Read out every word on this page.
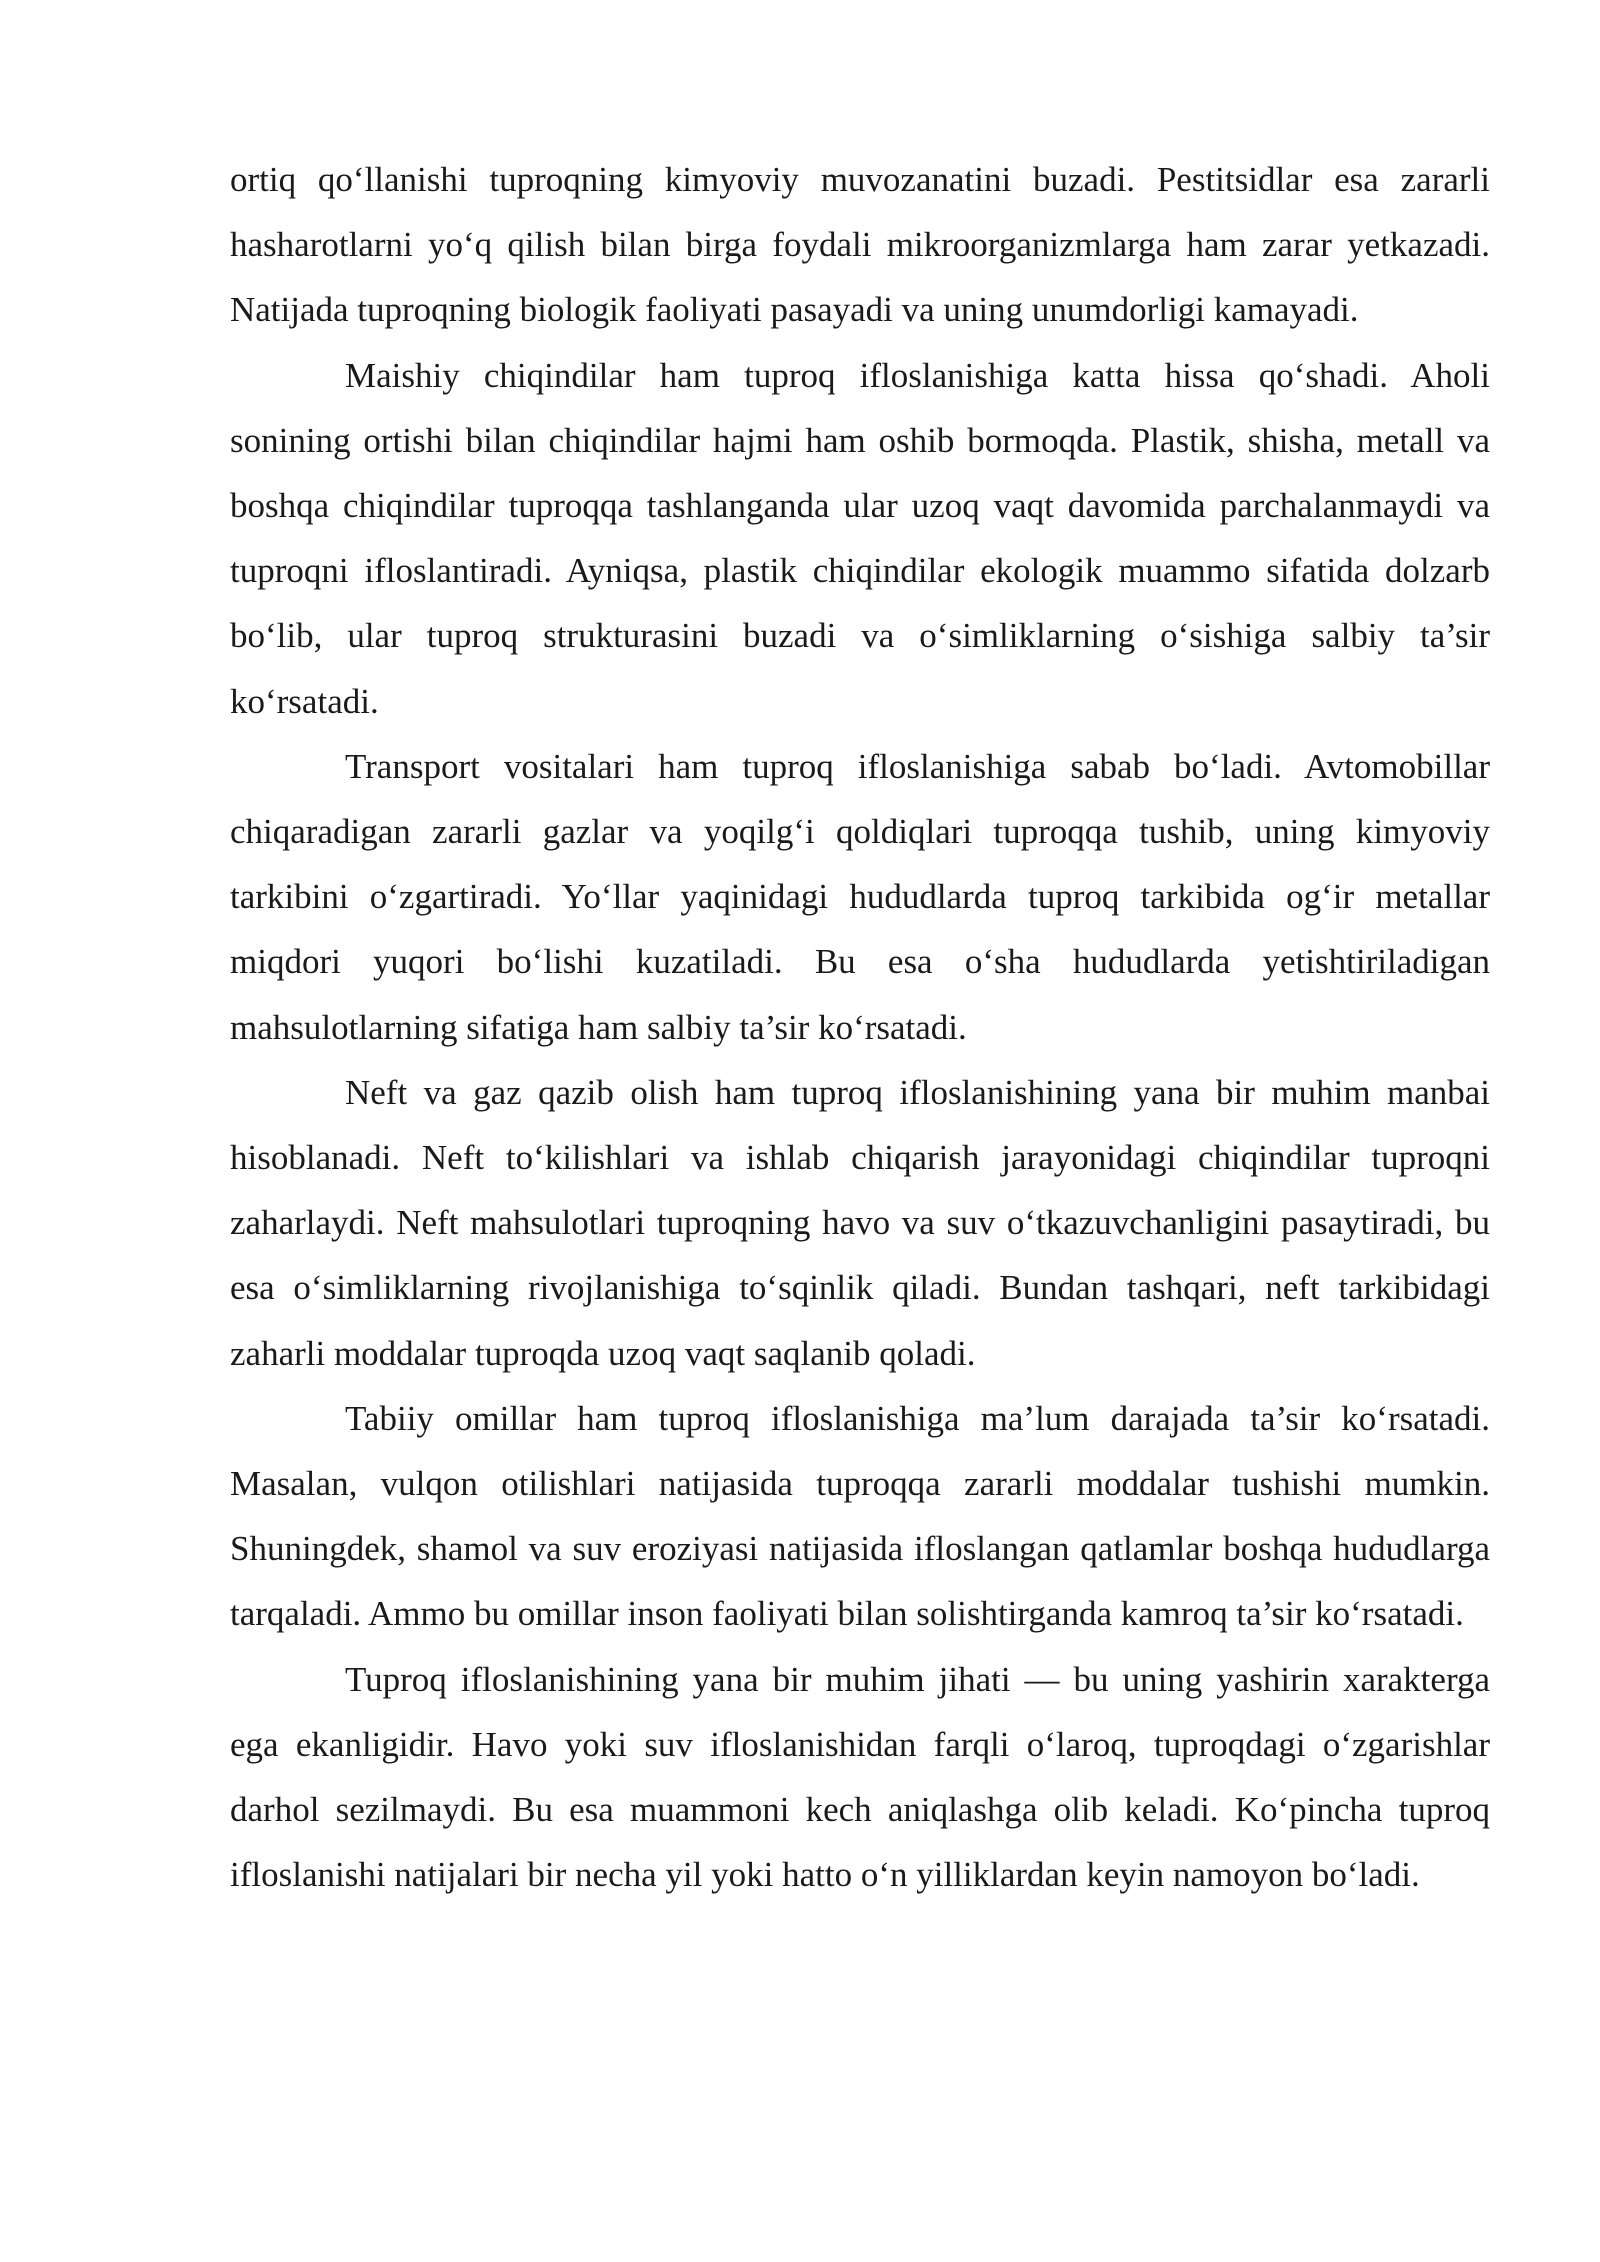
ortiq qo‘llanishi tuproqning kimyoviy muvozanatini buzadi. Pestitsidlar esa zararli hasharotlarni yo‘q qilish bilan birga foydali mikroorganizmlarga ham zarar yetkazadi. Natijada tuproqning biologik faoliyati pasayadi va uning unumdorligi kamayadi.

Maishiy chiqindilar ham tuproq ifloslanishiga katta hissa qo‘shadi. Aholi sonining ortishi bilan chiqindilar hajmi ham oshib bormoqda. Plastik, shisha, metall va boshqa chiqindilar tuproqqa tashlanganda ular uzoq vaqt davomida parchalanmaydi va tuproqni ifloslantiradi. Ayniqsa, plastik chiqindilar ekologik muammo sifatida dolzarb bo‘lib, ular tuproq strukturasini buzadi va o‘simliklarning o‘sishiga salbiy ta’sir ko‘rsatadi.

Transport vositalari ham tuproq ifloslanishiga sabab bo‘ladi. Avtomobillar chiqaradigan zararli gazlar va yoqilg‘i qoldiqlari tuproqqa tushib, uning kimyoviy tarkibini o‘zgartiradi. Yo‘llar yaqinidagi hududlarda tuproq tarkibida og‘ir metallar miqdori yuqori bo‘lishi kuzatiladi. Bu esa o‘sha hududlarda yetishtiriladigan mahsulotlarning sifatiga ham salbiy ta’sir ko‘rsatadi.

Neft va gaz qazib olish ham tuproq ifloslanishining yana bir muhim manbai hisoblanadi. Neft to‘kilishlari va ishlab chiqarish jarayonidagi chiqindilar tuproqni zaharlaydi. Neft mahsulotlari tuproqning havo va suv o‘tkazuvchanligini pasaytiradi, bu esa o‘simliklarning rivojlanishiga to‘sqinlik qiladi. Bundan tashqari, neft tarkibidagi zaharli moddalar tuproqda uzoq vaqt saqlanib qoladi.

Tabiiy omillar ham tuproq ifloslanishiga ma’lum darajada ta’sir ko‘rsatadi. Masalan, vulqon otilishlari natijasida tuproqqa zararli moddalar tushishi mumkin. Shuningdek, shamol va suv eroziyasi natijasida ifloslangan qatlamlar boshqa hududlarga tarqaladi. Ammo bu omillar inson faoliyati bilan solishtirganda kamroq ta’sir ko‘rsatadi.

Tuproq ifloslanishining yana bir muhim jihati — bu uning yashirin xarakterga ega ekanligidir. Havo yoki suv ifloslanishidan farqli o‘laroq, tuproqdagi o‘zgarishlar darhol sezilmaydi. Bu esa muammoni kech aniqlashga olib keladi. Ko‘pincha tuproq ifloslanishi natijalari bir necha yil yoki hatto o‘n yilliklardan keyin namoyon bo‘ladi.
